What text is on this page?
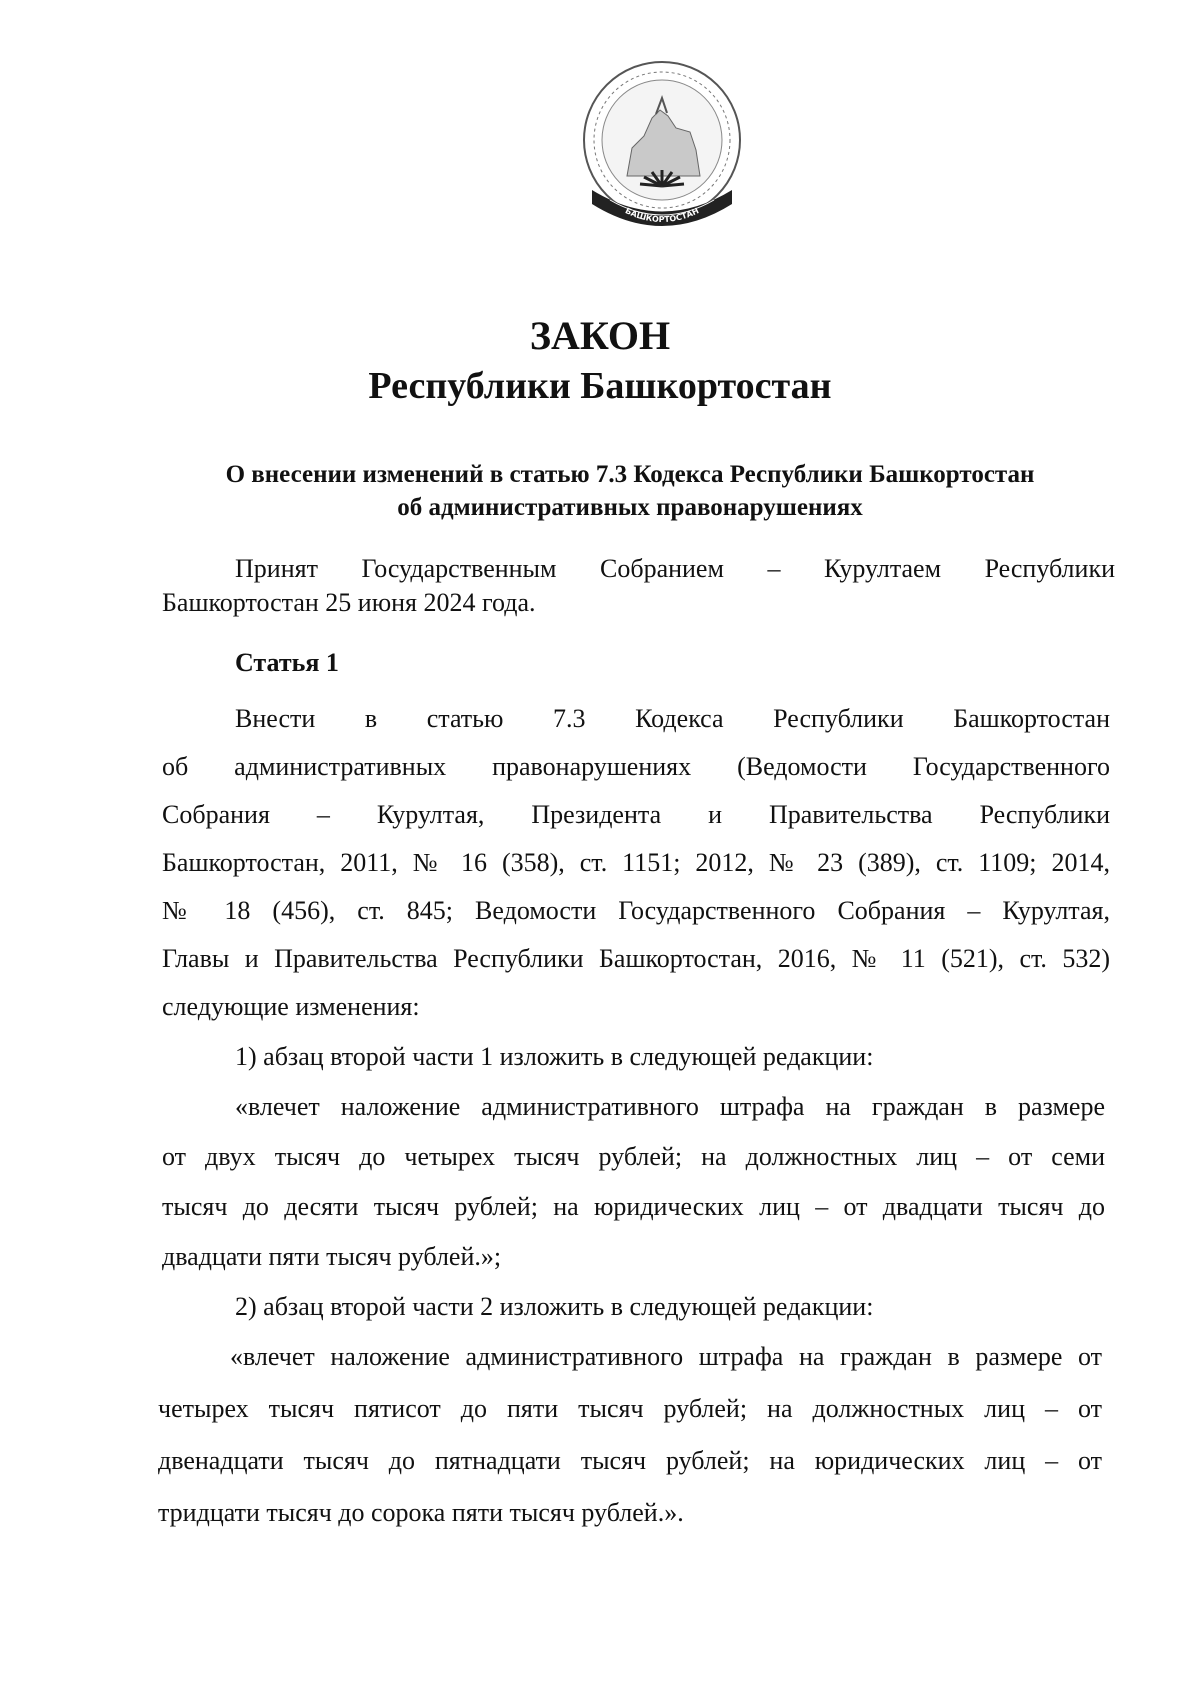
БАШКОРТОСТАН
ЗАКОН
Республики Башкортостан
О внесении изменений в статью 7.3 Кодекса Республики Башкортостан
об административных правонарушениях
Принят Государственным Собранием – Курултаем Республики
Башкортостан 25 июня 2024 года.
Статья 1
Внести в статью 7.3 Кодекса Республики Башкортостан
об административных правонарушениях (Ведомости Государственного
Собрания – Курултая, Президента и Правительства Республики
Башкортостан, 2011, № 16 (358), ст. 1151; 2012, № 23 (389), ст. 1109; 2014,
№ 18 (456), ст. 845; Ведомости Государственного Собрания – Курултая,
Главы и Правительства Республики Башкортостан, 2016, № 11 (521), ст. 532)
следующие изменения:
1) абзац второй части 1 изложить в следующей редакции:
«влечет наложение административного штрафа на граждан в размере
от двух тысяч до четырех тысяч рублей; на должностных лиц – от семи
тысяч до десяти тысяч рублей; на юридических лиц – от двадцати тысяч до
двадцати пяти тысяч рублей.»;
2) абзац второй части 2 изложить в следующей редакции:
«влечет наложение административного штрафа на граждан в размере от
четырех тысяч пятисот до пяти тысяч рублей; на должностных лиц – от
двенадцати тысяч до пятнадцати тысяч рублей; на юридических лиц – от
тридцати тысяч до сорока пяти тысяч рублей.».
